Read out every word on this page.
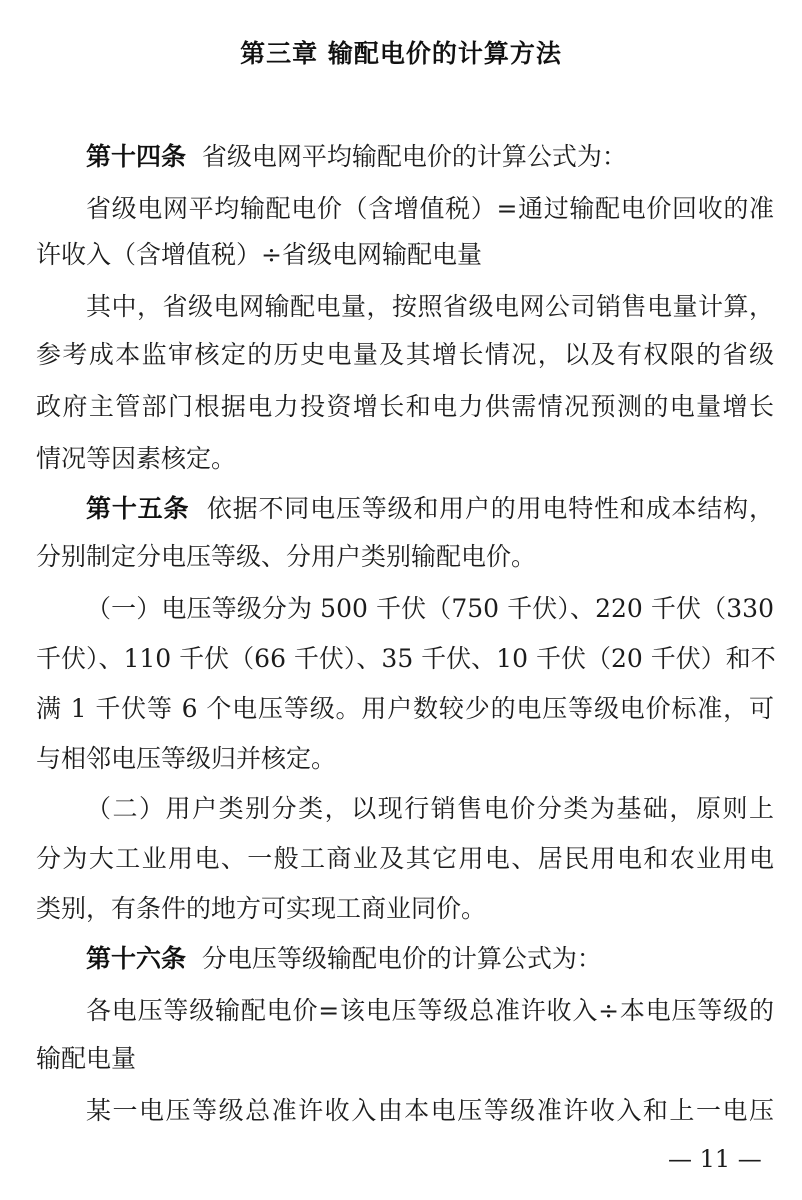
第三章 输配电价的计算方法
第十四条 省级电网平均输配电价的计算公式为：
省级电网平均输配电价（含增值税）=通过输配电价回收的准
许收入（含增值税）÷省级电网输配电量
其中，省级电网输配电量，按照省级电网公司销售电量计算，
参考成本监审核定的历史电量及其增长情况，以及有权限的省级
政府主管部门根据电力投资增长和电力供需情况预测的电量增长
情况等因素核定。
第十五条 依据不同电压等级和用户的用电特性和成本结构，
分别制定分电压等级、分用户类别输配电价。
（一）电压等级分为 500 千伏（750 千伏）、220 千伏（330
千伏）、110 千伏（66 千伏）、35 千伏、10 千伏（20 千伏）和不
满 1 千伏等 6 个电压等级。用户数较少的电压等级电价标准，可
与相邻电压等级归并核定。
（二）用户类别分类，以现行销售电价分类为基础，原则上
分为大工业用电、一般工商业及其它用电、居民用电和农业用电
类别，有条件的地方可实现工商业同价。
第十六条 分电压等级输配电价的计算公式为：
各电压等级输配电价=该电压等级总准许收入÷本电压等级的
输配电量
某一电压等级总准许收入由本电压等级准许收入和上一电压
— 11 —
